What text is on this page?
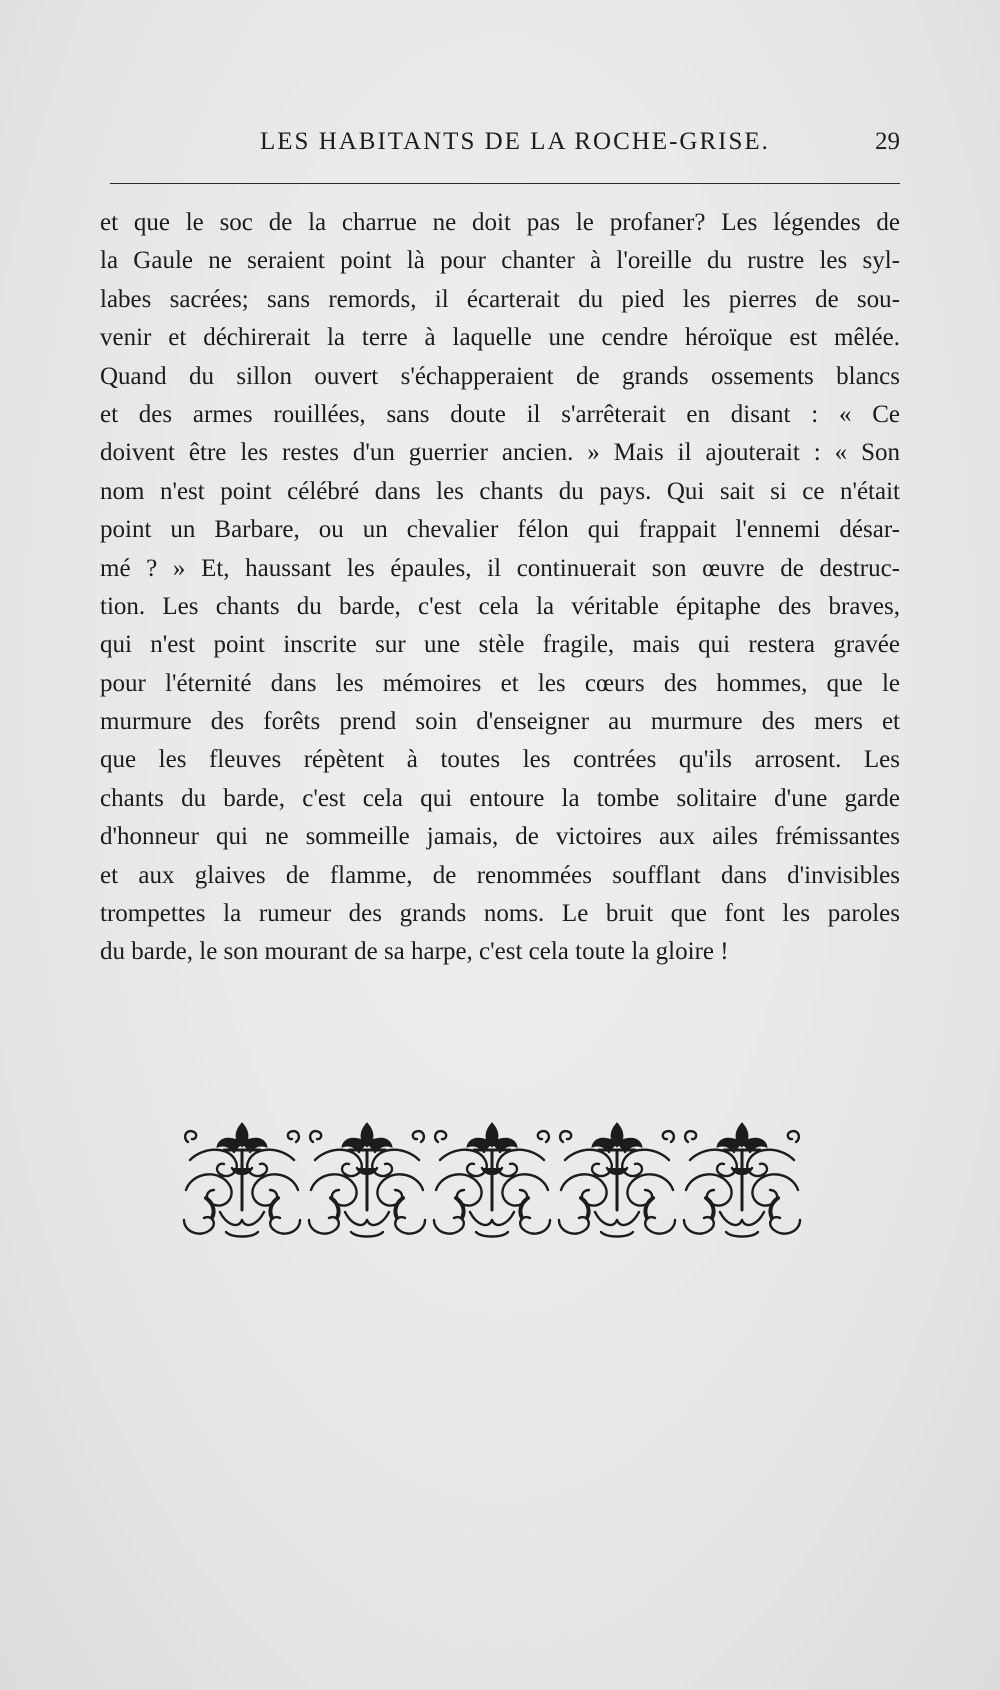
LES HABITANTS DE LA ROCHE-GRISE.	29
et que le soc de la charrue ne doit pas le profaner? Les légendes de
la Gaule ne seraient point là pour chanter à l'oreille du rustre les syl-
labes sacrées; sans remords, il écarterait du pied les pierres de sou-
venir et déchirerait la terre à laquelle une cendre héroïque est mêlée.
Quand du sillon ouvert s'échapperaient de grands ossements blancs
et des armes rouillées, sans doute il s'arrêterait en disant : « Ce
doivent être les restes d'un guerrier ancien. » Mais il ajouterait : « Son
nom n'est point célébré dans les chants du pays. Qui sait si ce n'était
point un Barbare, ou un chevalier félon qui frappait l'ennemi désar-
mé ? » Et, haussant les épaules, il continuerait son œuvre de destruc-
tion. Les chants du barde, c'est cela la véritable épitaphe des braves,
qui n'est point inscrite sur une stèle fragile, mais qui restera gravée
pour l'éternité dans les mémoires et les cœurs des hommes, que le
murmure des forêts prend soin d'enseigner au murmure des mers et
que les fleuves répètent à toutes les contrées qu'ils arrosent. Les
chants du barde, c'est cela qui entoure la tombe solitaire d'une garde
d'honneur qui ne sommeille jamais, de victoires aux ailes frémissantes
et aux glaives de flamme, de renommées soufflant dans d'invisibles
trompettes la rumeur des grands noms. Le bruit que font les paroles
du barde, le son mourant de sa harpe, c'est cela toute la gloire !
